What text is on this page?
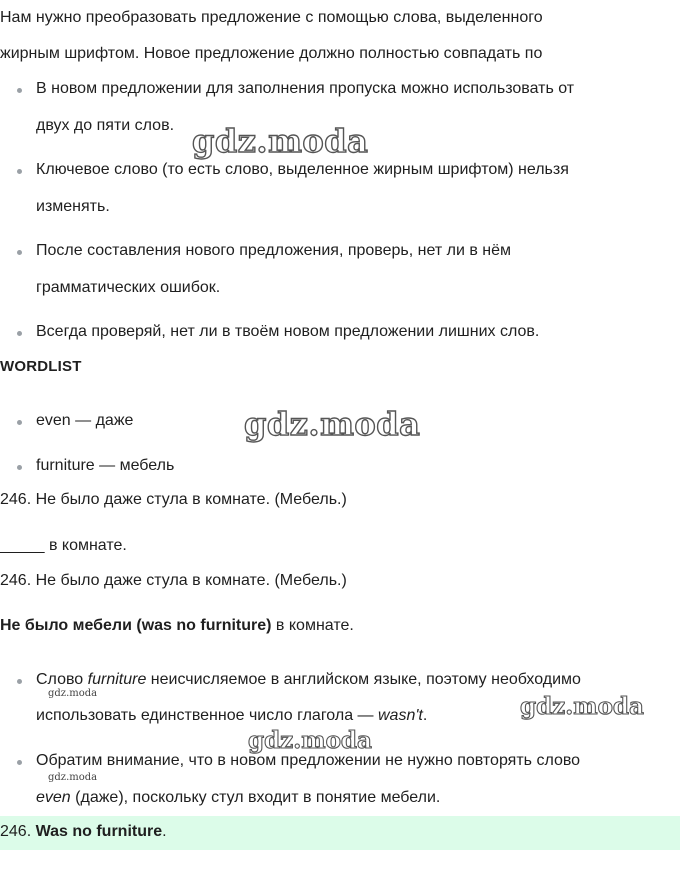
Нам нужно преобразовать предложение с помощью слова, выделенного
жирным шрифтом. Новое предложение должно полностью совпадать по
В новом предложении для заполнения пропуска можно использовать от
двух до пяти слов.
Ключевое слово (то есть слово, выделенное жирным шрифтом) нельзя
изменять.
После составления нового предложения, проверь, нет ли в нём
грамматических ошибок.
Всегда проверяй, нет ли в твоём новом предложении лишних слов.
WORDLIST
even — даже
furniture — мебель
246. Не было даже стула в комнате. (Мебель.)
_____ в комнате.
246. Не было даже стула в комнате. (Мебель.)
Не было мебели (was no furniture) в комнате.
Слово furniture неисчисляемое в английском языке, поэтому необходимо
использовать единственное число глагола — wasn't.
Обратим внимание, что в новом предложении не нужно повторять слово
even (даже), поскольку стул входит в понятие мебели.
246. Was no furniture.
gdz.moda
gdz.moda
gdz.moda
gdz.moda
gdz.moda
gdz.moda
